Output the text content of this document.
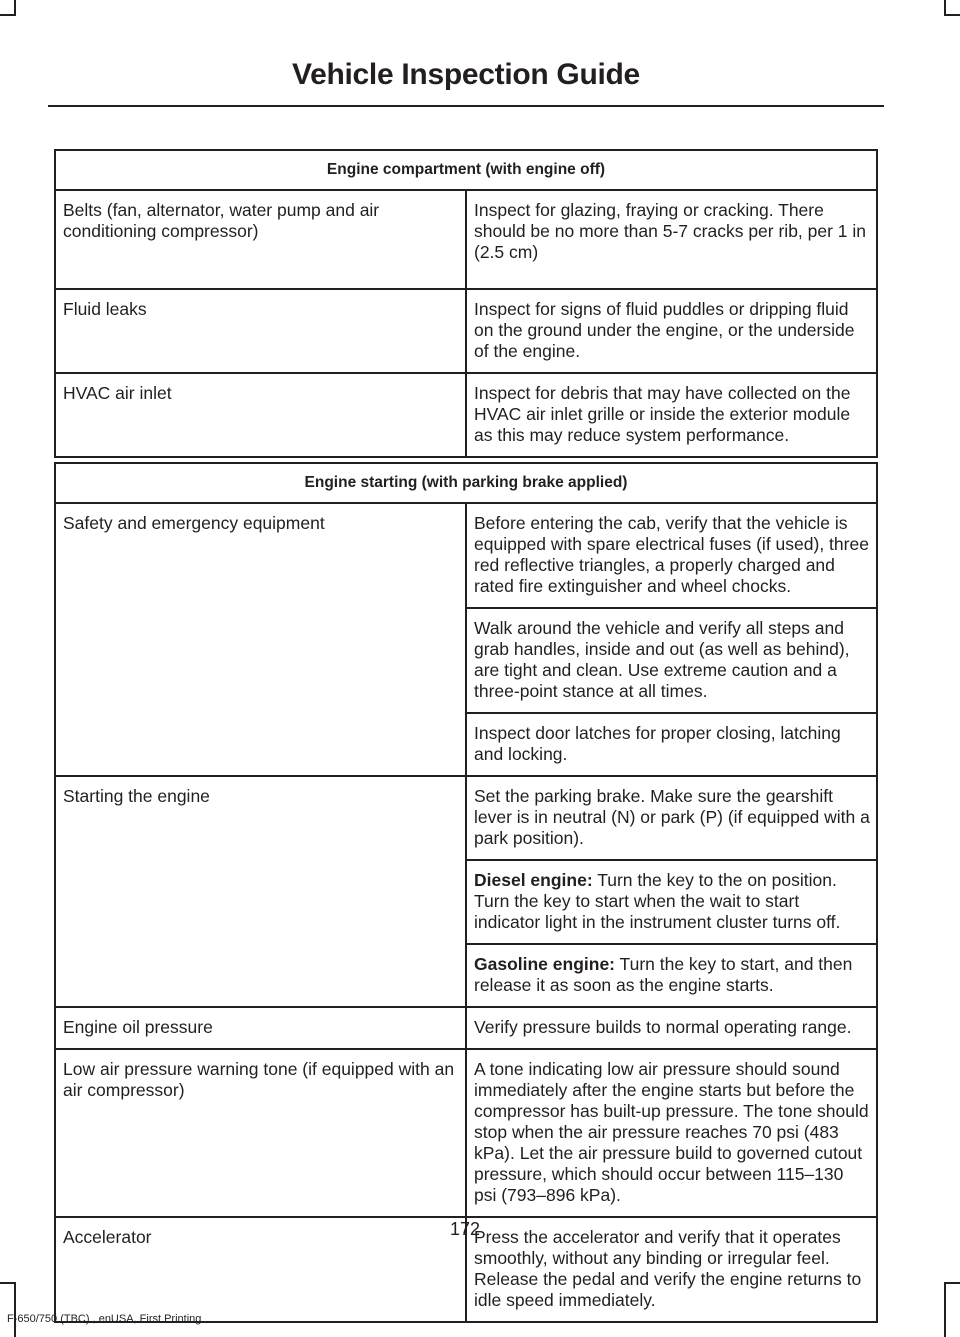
Vehicle Inspection Guide
Engine compartment (with engine off)	
Belts (fan, alternator, water pump and air conditioning compressor)	Inspect for glazing, fraying or cracking. There should be no more than 5-7 cracks per rib, per 1 in (2.5 cm)
Fluid leaks	Inspect for signs of fluid puddles or dripping fluid on the ground under the engine, or the underside of the engine.
HVAC air inlet	Inspect for debris that may have collected on the HVAC air inlet grille or inside the exterior module as this may reduce system performance.
Engine starting (with parking brake applied)	
Safety and emergency equipment	Before entering the cab, verify that the vehicle is equipped with spare electrical fuses (if used), three red reflective triangles, a properly charged and rated fire extinguisher and wheel chocks.
	Walk around the vehicle and verify all steps and grab handles, inside and out (as well as behind), are tight and clean. Use extreme caution and a three-point stance at all times.
	Inspect door latches for proper closing, latching and locking.
Starting the engine	Set the parking brake. Make sure the gearshift lever is in neutral (N) or park (P) (if equipped with a park position).
	Diesel engine: Turn the key to the on position. Turn the key to start when the wait to start indicator light in the instrument cluster turns off.
	Gasoline engine: Turn the key to start, and then release it as soon as the engine starts.
Engine oil pressure	Verify pressure builds to normal operating range.
Low air pressure warning tone (if equipped with an air compressor)	A tone indicating low air pressure should sound immediately after the engine starts but before the compressor has built-up pressure. The tone should stop when the air pressure reaches 70 psi (483 kPa). Let the air pressure build to governed cutout pressure, which should occur between 115–130 psi (793–896 kPa).
Accelerator	Press the accelerator and verify that it operates smoothly, without any binding or irregular feel. Release the pedal and verify the engine returns to idle speed immediately.
172
F-650/750 (TBC) , enUSA, First Printing
